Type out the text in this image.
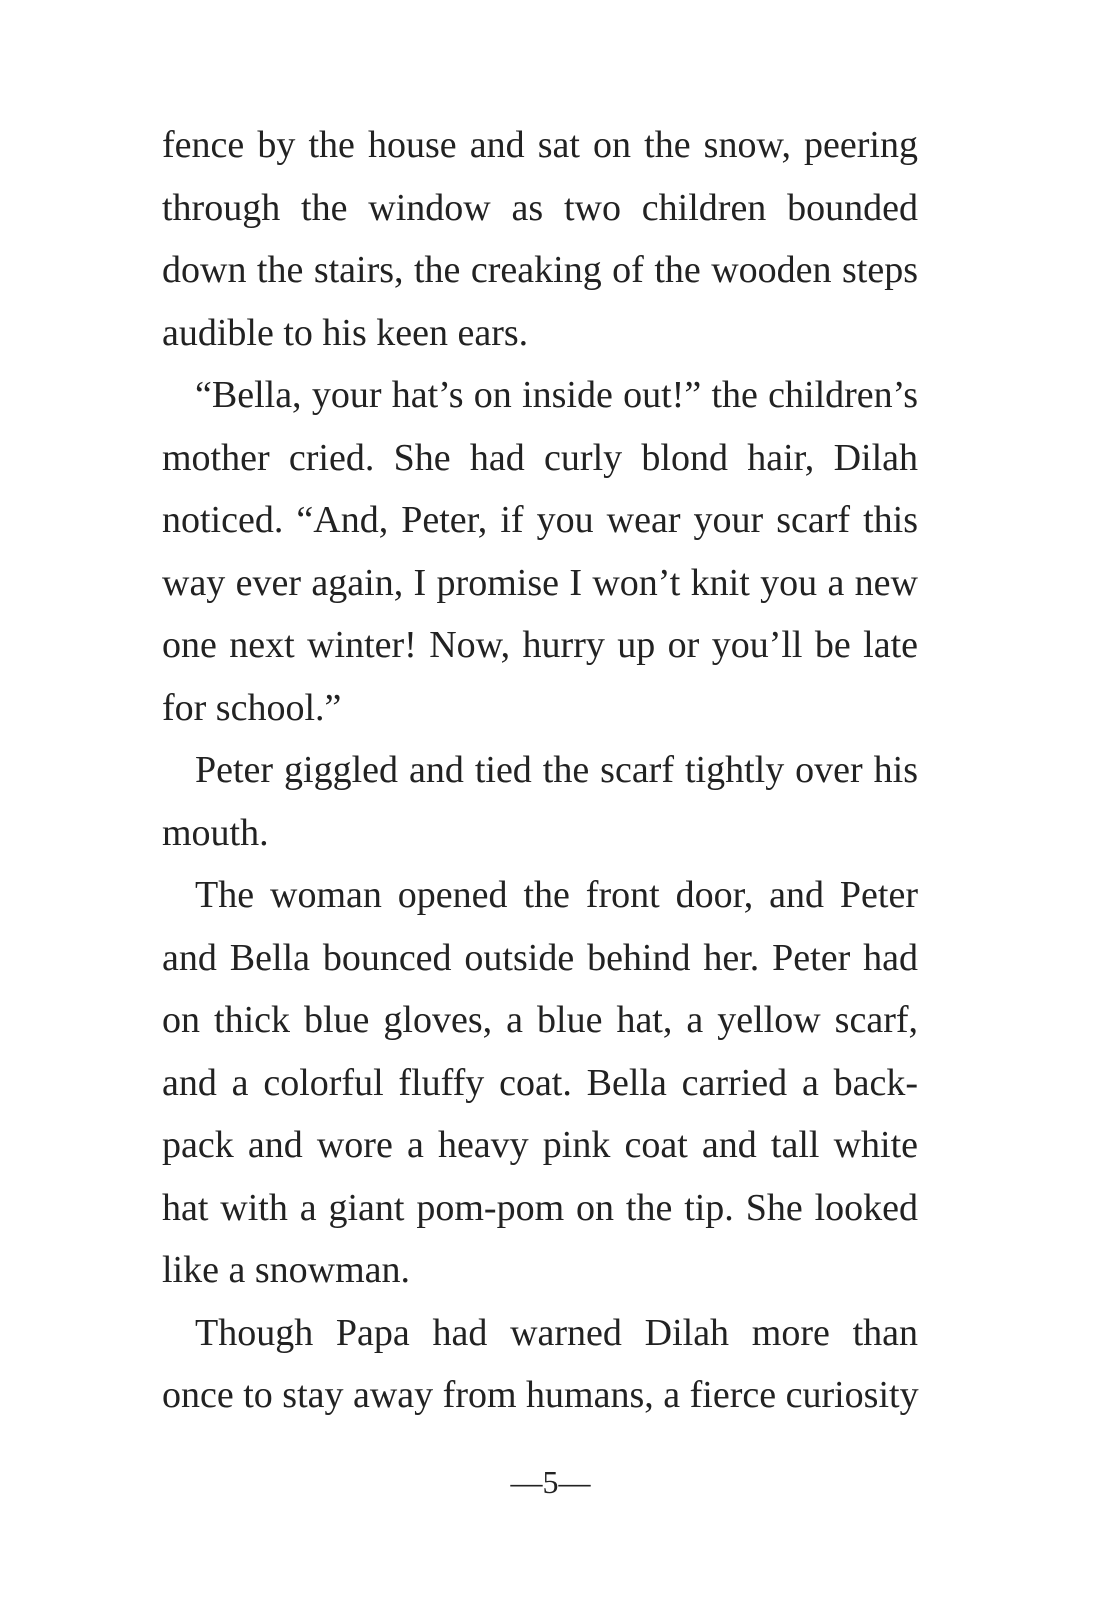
fence by the house and sat on the snow, peering
through the window as two children bounded
down the stairs, the creaking of the wooden steps
audible to his keen ears.
“Bella, your hat’s on inside out!” the children’s
mother cried. She had curly blond hair, Dilah
noticed. “And, Peter, if you wear your scarf this
way ever again, I promise I won’t knit you a new
one next winter! Now, hurry up or you’ll be late
for school.”
Peter giggled and tied the scarf tightly over his
mouth.
The woman opened the front door, and Peter
and Bella bounced outside behind her. Peter had
on thick blue gloves, a blue hat, a yellow scarf,
and a colorful fluffy coat. Bella carried a back-
pack and wore a heavy pink coat and tall white
hat with a giant pom-pom on the tip. She looked
like a snowman.
Though Papa had warned Dilah more than
once to stay away from humans, a fierce curiosity
—5—
